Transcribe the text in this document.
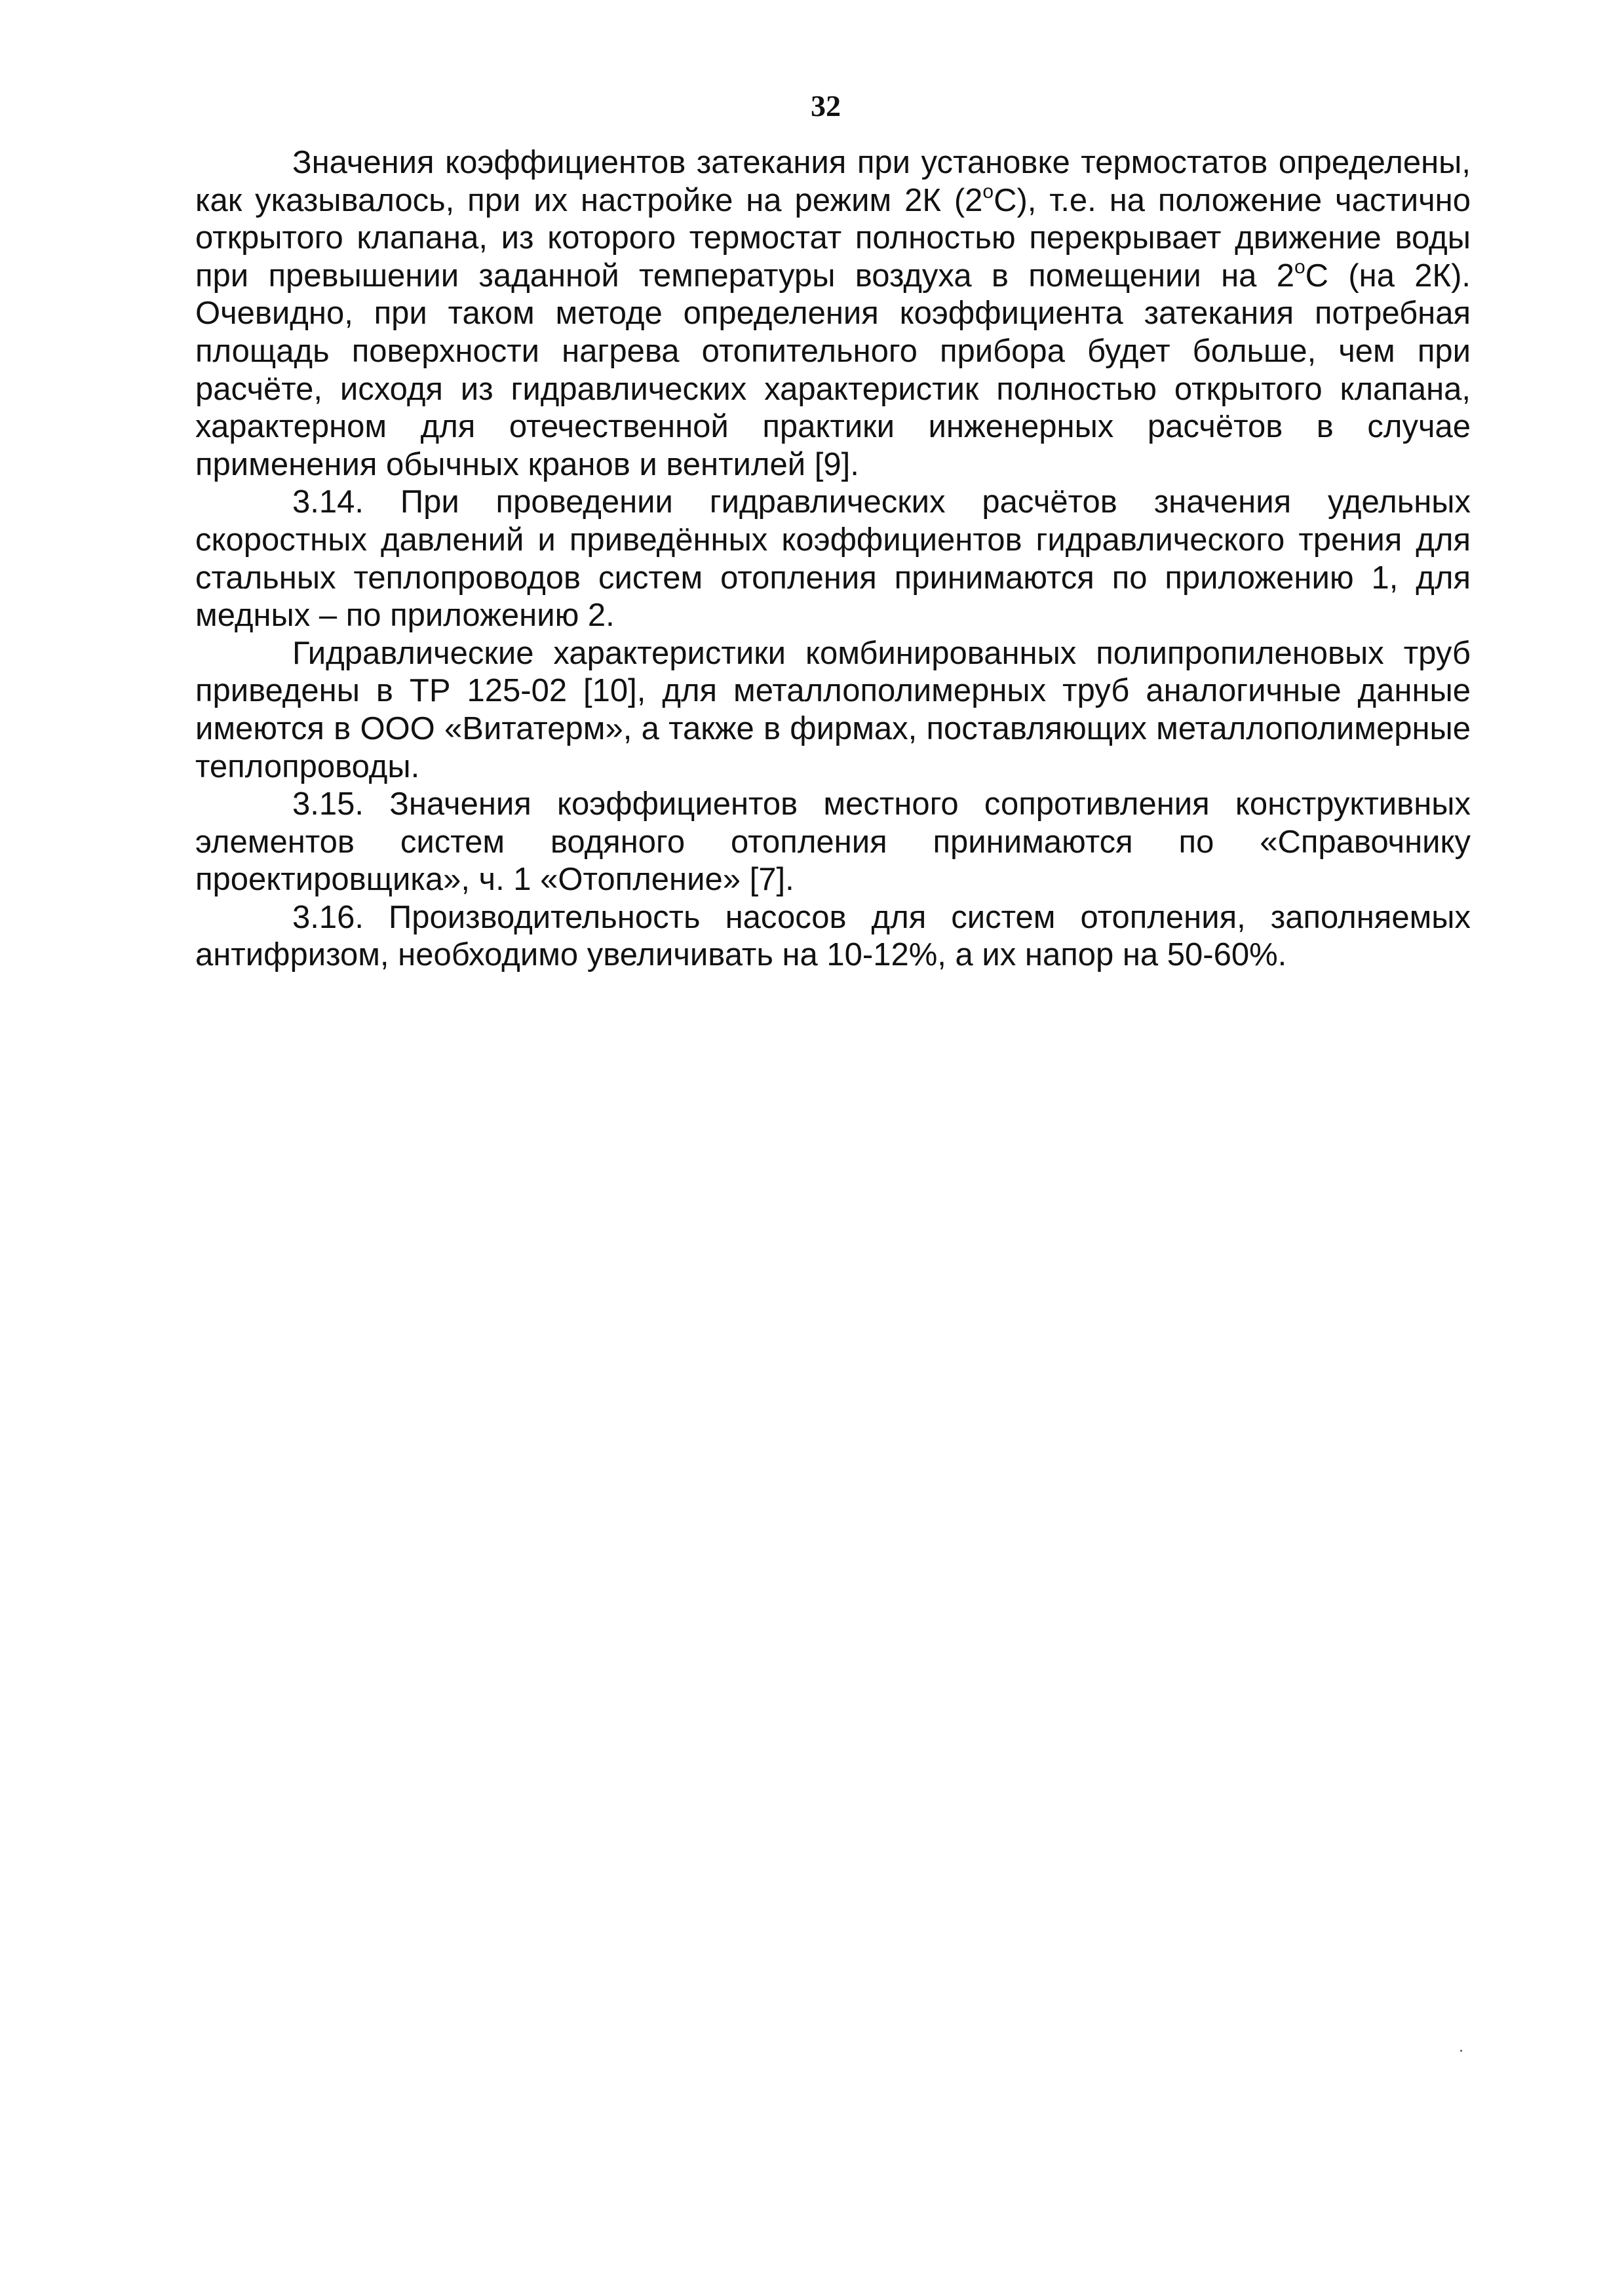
32

Значения коэффициентов затекания при установке термостатов определены, как указывалось, при их настройке на режим 2К $(2^оС)$, т.е. на положение частично открытого клапана, из которого термостат полностью перекрывает движение воды при превышении заданной температуры воздуха в помещении на $2^оС$ (на 2К). Очевидно, при таком методе определения коэффициента затекания потребная площадь поверхности нагрева отопительного прибора будет больше, чем при расчёте, исходя из гидравлических характеристик полностью открытого клапана, характерном для отечественной практики инженерных расчётов в случае применения обычных кранов и вентилей [9].

3.14. При проведении гидравлических расчётов значения удельных скоростных давлений и приведённых коэффициентов гидравлического трения для стальных теплопроводов систем отопления принимаются по приложению 1, для медных – по приложению 2.

Гидравлические характеристики комбинированных полипропиленовых труб приведены в ТР 125-02 [10], для металлополимерных труб аналогичные данные имеются в ООО «Витатерм», а также в фирмах, поставляющих металлополимерные теплопроводы.

3.15. Значения коэффициентов местного сопротивления конструктивных элементов систем водяного отопления принимаются по «Справочнику проектировщика», ч. 1 «Отопление» [7].

3.16. Производительность насосов для систем отопления, заполняемых антифризом, необходимо увеличивать на 10-12%, а их напор на 50-60%.
